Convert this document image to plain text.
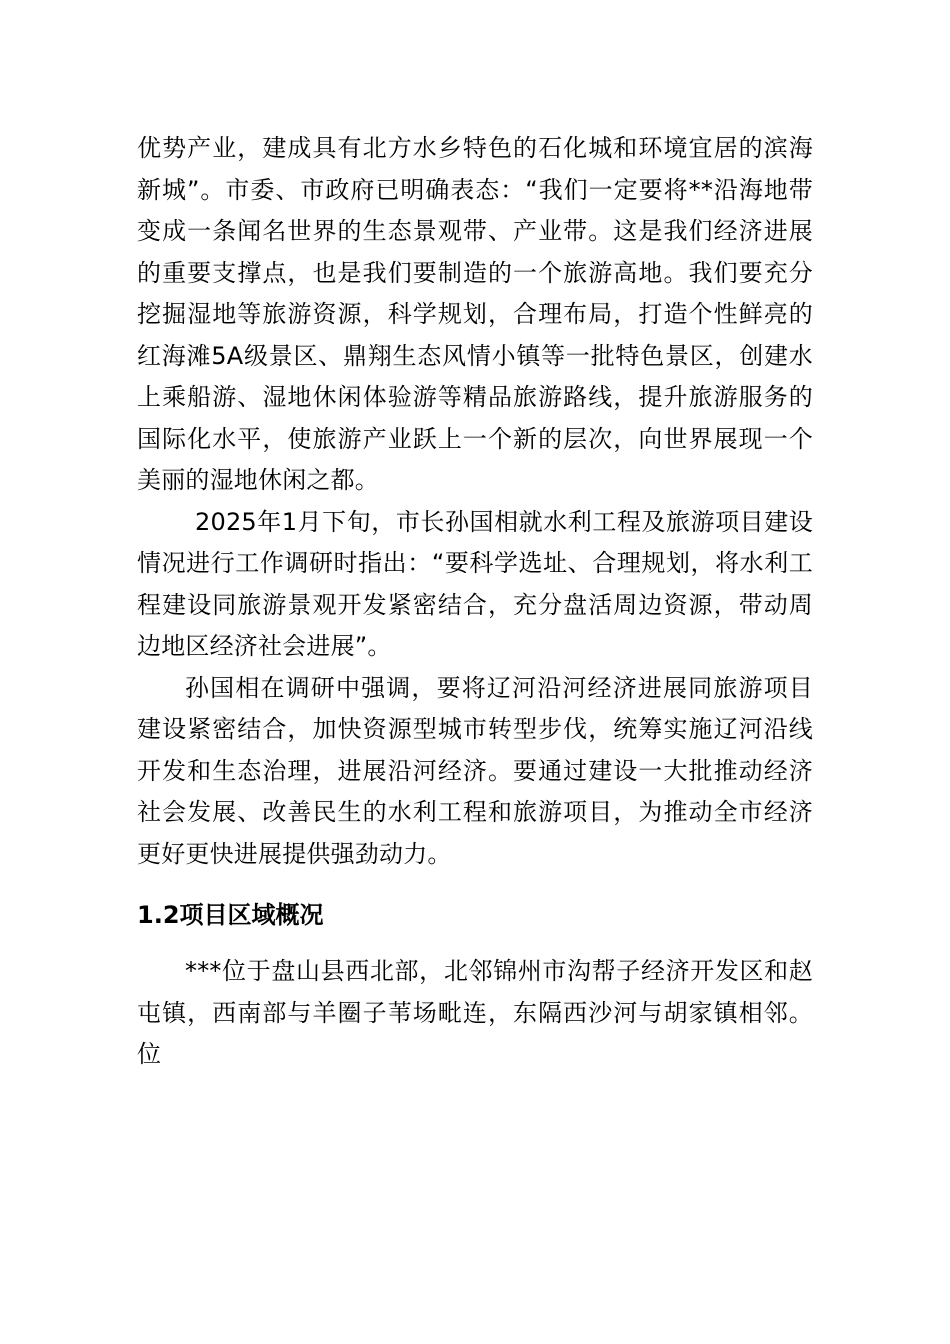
优势产业，建成具有北方水乡特色的石化城和环境宜居的滨海新城”。市委、市政府已明确表态：“我们一定要将**沿海地带变成一条闻名世界的生态景观带、产业带。这是我们经济进展的重要支撑点，也是我们要制造的一个旅游高地。我们要充分挖掘湿地等旅游资源，科学规划，合理布局，打造个性鲜亮的红海滩5A级景区、鼎翔生态风情小镇等一批特色景区，创建水上乘船游、湿地休闲体验游等精品旅游路线，提升旅游服务的国际化水平，使旅游产业跃上一个新的层次，向世界展现一个美丽的湿地休闲之都。

2025年1月下旬，市长孙国相就水利工程及旅游项目建设情况进行工作调研时指出：“要科学选址、合理规划，将水利工程建设同旅游景观开发紧密结合，充分盘活周边资源，带动周边地区经济社会进展”。

孙国相在调研中强调，要将辽河沿河经济进展同旅游项目建设紧密结合，加快资源型城市转型步伐，统筹实施辽河沿线开发和生态治理，进展沿河经济。要通过建设一大批推动经济社会发展、改善民生的水利工程和旅游项目，为推动全市经济更好更快进展提供强劲动力。

1.2项目区域概况

***位于盘山县西北部，北邻锦州市沟帮子经济开发区和赵屯镇，西南部与羊圈子苇场毗连，东隔西沙河与胡家镇相邻。位
